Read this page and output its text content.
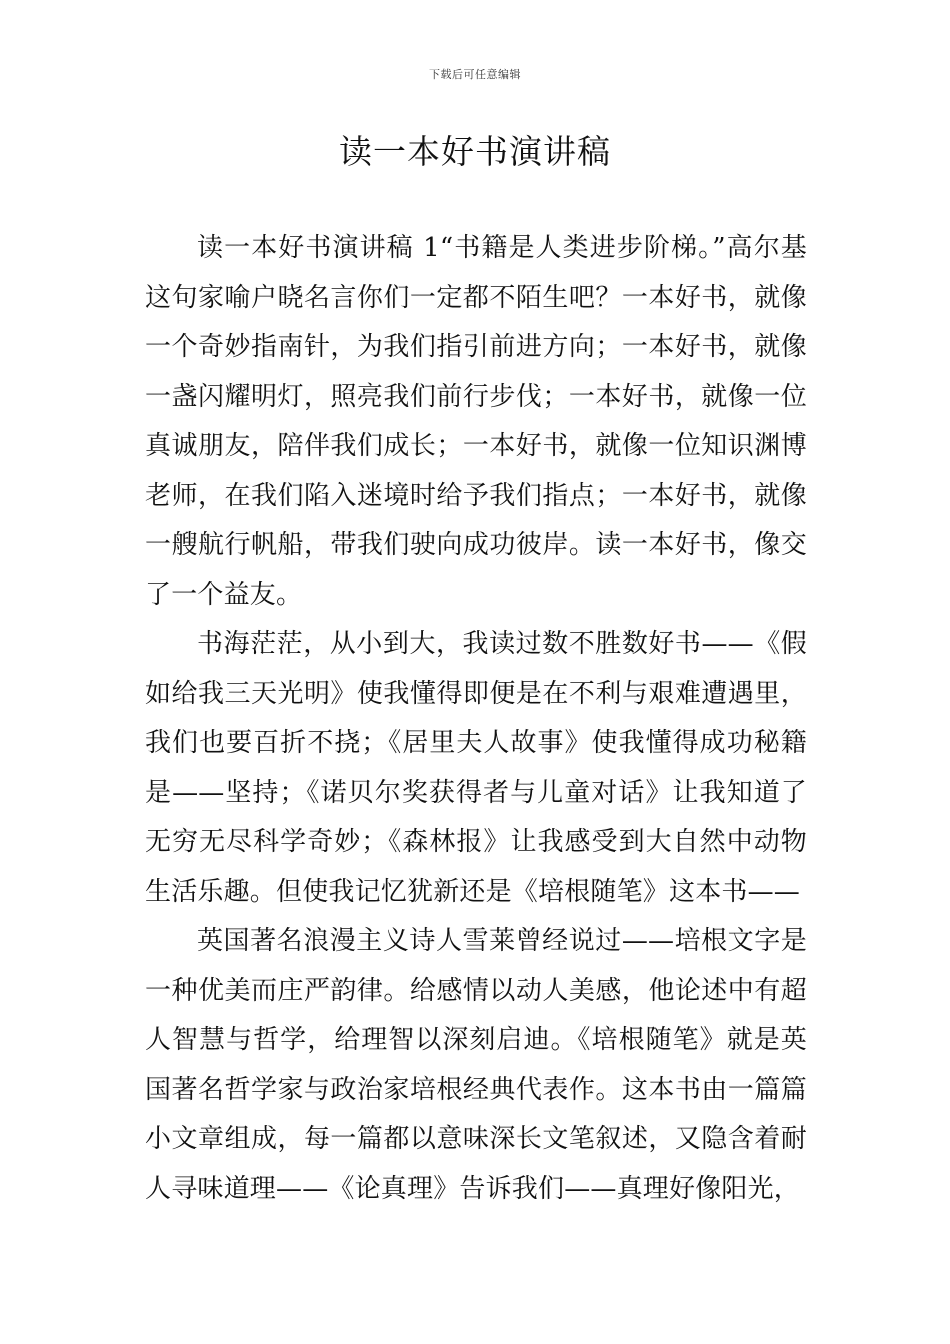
下载后可任意编辑
读一本好书演讲稿

读一本好书演讲稿 1“书籍是人类进步阶梯。”高尔基这句家喻户晓名言你们一定都不陌生吧？一本好书，就像一个奇妙指南针，为我们指引前进方向；一本好书，就像一盏闪耀明灯，照亮我们前行步伐；一本好书，就像一位真诚朋友，陪伴我们成长；一本好书，就像一位知识渊博老师，在我们陷入迷境时给予我们指点；一本好书，就像一艘航行帆船，带我们驶向成功彼岸。读一本好书，像交了一个益友。

书海茫茫，从小到大，我读过数不胜数好书——《假如给我三天光明》使我懂得即便是在不利与艰难遭遇里，我们也要百折不挠；《居里夫人故事》使我懂得成功秘籍是——坚持；《诺贝尔奖获得者与儿童对话》让我知道了无穷无尽科学奇妙；《森林报》让我感受到大自然中动物生活乐趣。但使我记忆犹新还是《培根随笔》这本书——

英国著名浪漫主义诗人雪莱曾经说过——培根文字是一种优美而庄严韵律。给感情以动人美感，他论述中有超人智慧与哲学，给理智以深刻启迪。《培根随笔》就是英国著名哲学家与政治家培根经典代表作。这本书由一篇篇小文章组成，每一篇都以意味深长文笔叙述，又隐含着耐人寻味道理——《论真理》告诉我们——真理好像阳光，
